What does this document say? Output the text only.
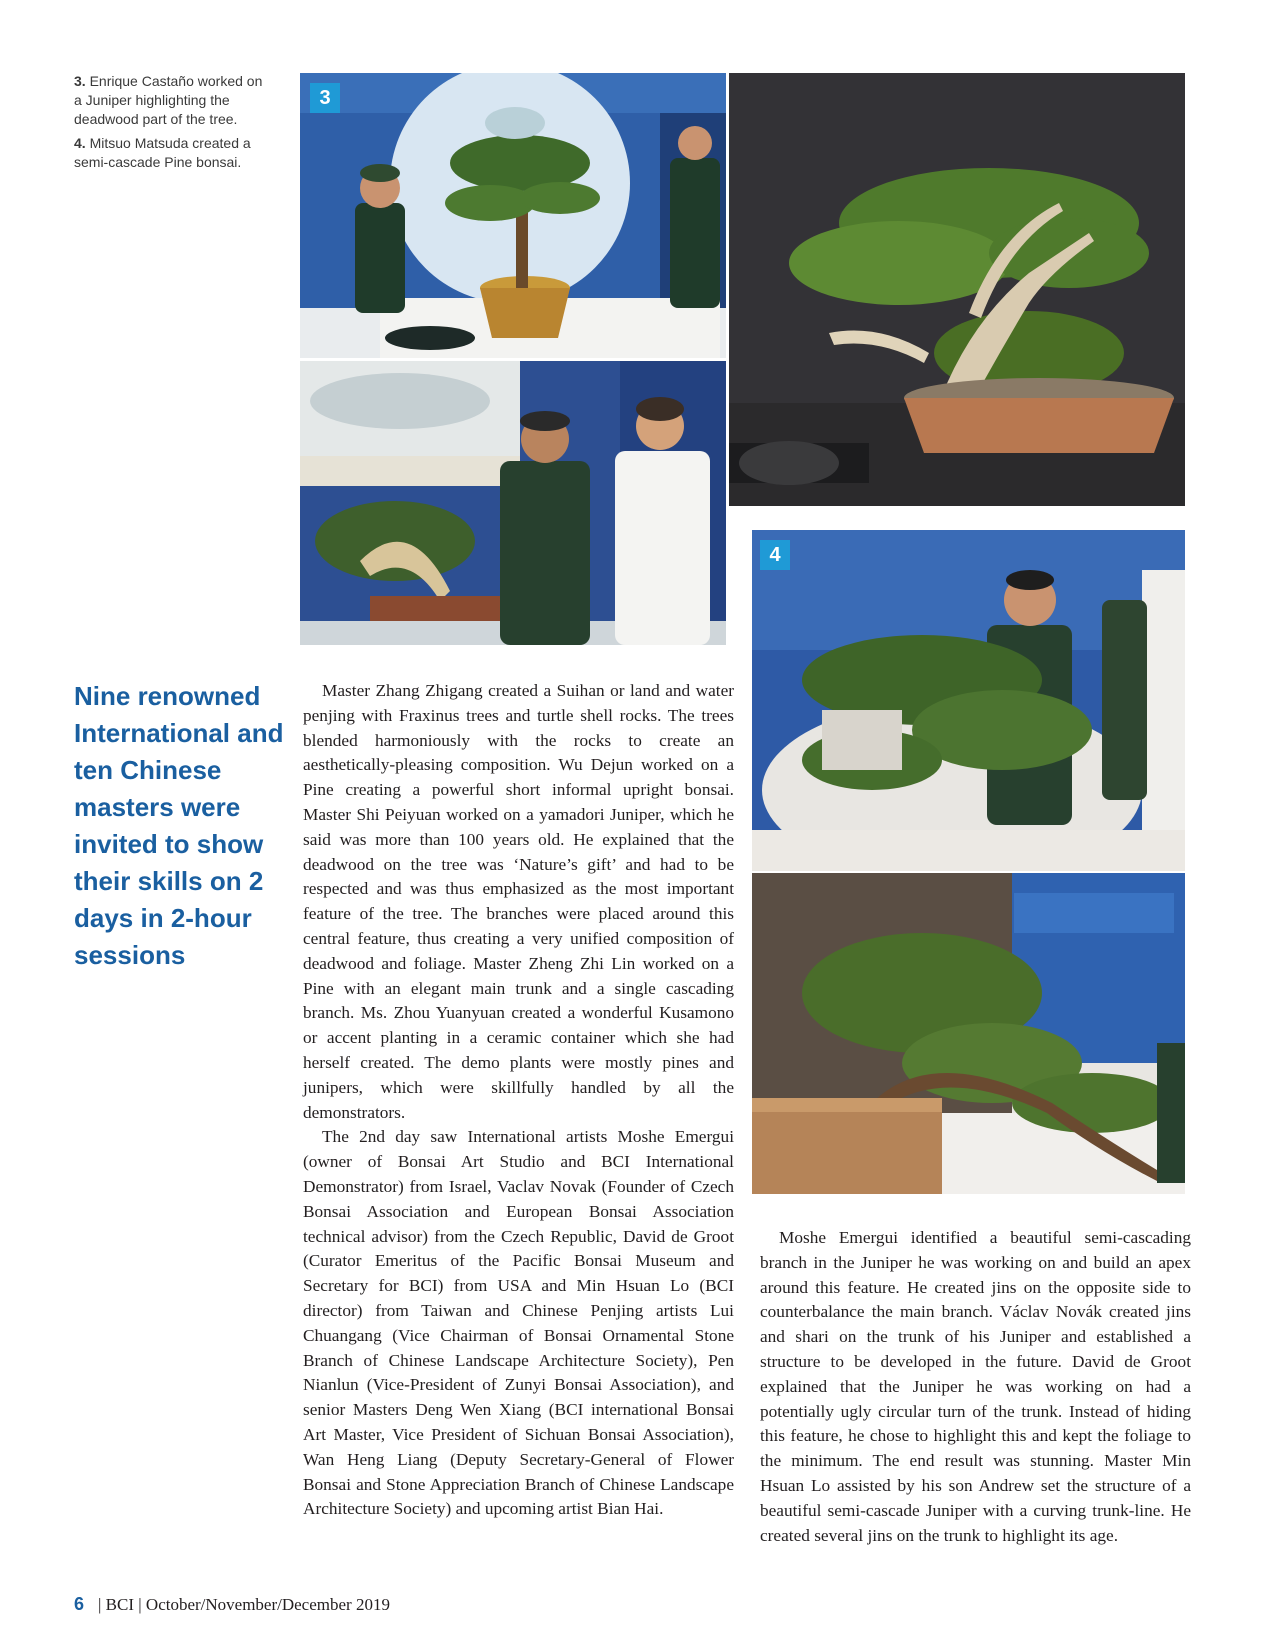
3. Enrique Castaño worked on a Juniper highlighting the deadwood part of the tree.

4. Mitsuo Matsuda created a semi-cascade Pine bonsai.

3
4

Nine renowned International and ten Chinese masters were invited to show their skills on 2 days in 2-hour sessions

Master Zhang Zhigang created a Suihan or land and water penjing with Fraxinus trees and turtle shell rocks. The trees blended harmoniously with the rocks to create an aesthetically-pleasing composition. Wu Dejun worked on a Pine creating a powerful short informal upright bonsai. Master Shi Peiyuan worked on a yamadori Juniper, which he said was more than 100 years old. He explained that the deadwood on the tree was ‘Nature’s gift’ and had to be respected and was thus emphasized as the most important feature of the tree. The branches were placed around this central feature, thus creating a very unified composition of deadwood and foliage. Master Zheng Zhi Lin worked on a Pine with an elegant main trunk and a single cascading branch. Ms. Zhou Yuanyuan created a wonderful Kusamono or accent planting in a ceramic container which she had herself created. The demo plants were mostly pines and junipers, which were skillfully handled by all the demonstrators.

The 2nd day saw International artists Moshe Emergui (owner of Bonsai Art Studio and BCI International Demonstrator) from Israel, Vaclav Novak (Founder of Czech Bonsai Association and European Bonsai Association technical advisor) from the Czech Republic, David de Groot (Curator Emeritus of the Pacific Bonsai Museum and Secretary for BCI) from USA and Min Hsuan Lo (BCI director) from Taiwan and Chinese Penjing artists Lui Chuangang (Vice Chairman of Bonsai Ornamental Stone Branch of Chinese Landscape Architecture Society), Pen Nianlun (Vice-President of Zunyi Bonsai Association), and senior Masters Deng Wen Xiang (BCI international Bonsai Art Master, Vice President of Sichuan Bonsai Association), Wan Heng Liang (Deputy Secretary-General of Flower Bonsai and Stone Appreciation Branch of Chinese Landscape Architecture Society) and upcoming artist Bian Hai.

Moshe Emergui identified a beautiful semi-cascading branch in the Juniper he was working on and build an apex around this feature. He created jins on the opposite side to counterbalance the main branch. Václav Novák created jins and shari on the trunk of his Juniper and established a structure to be developed in the future. David de Groot explained that the Juniper he was working on had a potentially ugly circular turn of the trunk. Instead of hiding this feature, he chose to highlight this and kept the foliage to the minimum. The end result was stunning. Master Min Hsuan Lo assisted by his son Andrew set the structure of a beautiful semi-cascade Juniper with a curving trunk-line. He created several jins on the trunk to highlight its age.

6 | BCI | October/November/December 2019
